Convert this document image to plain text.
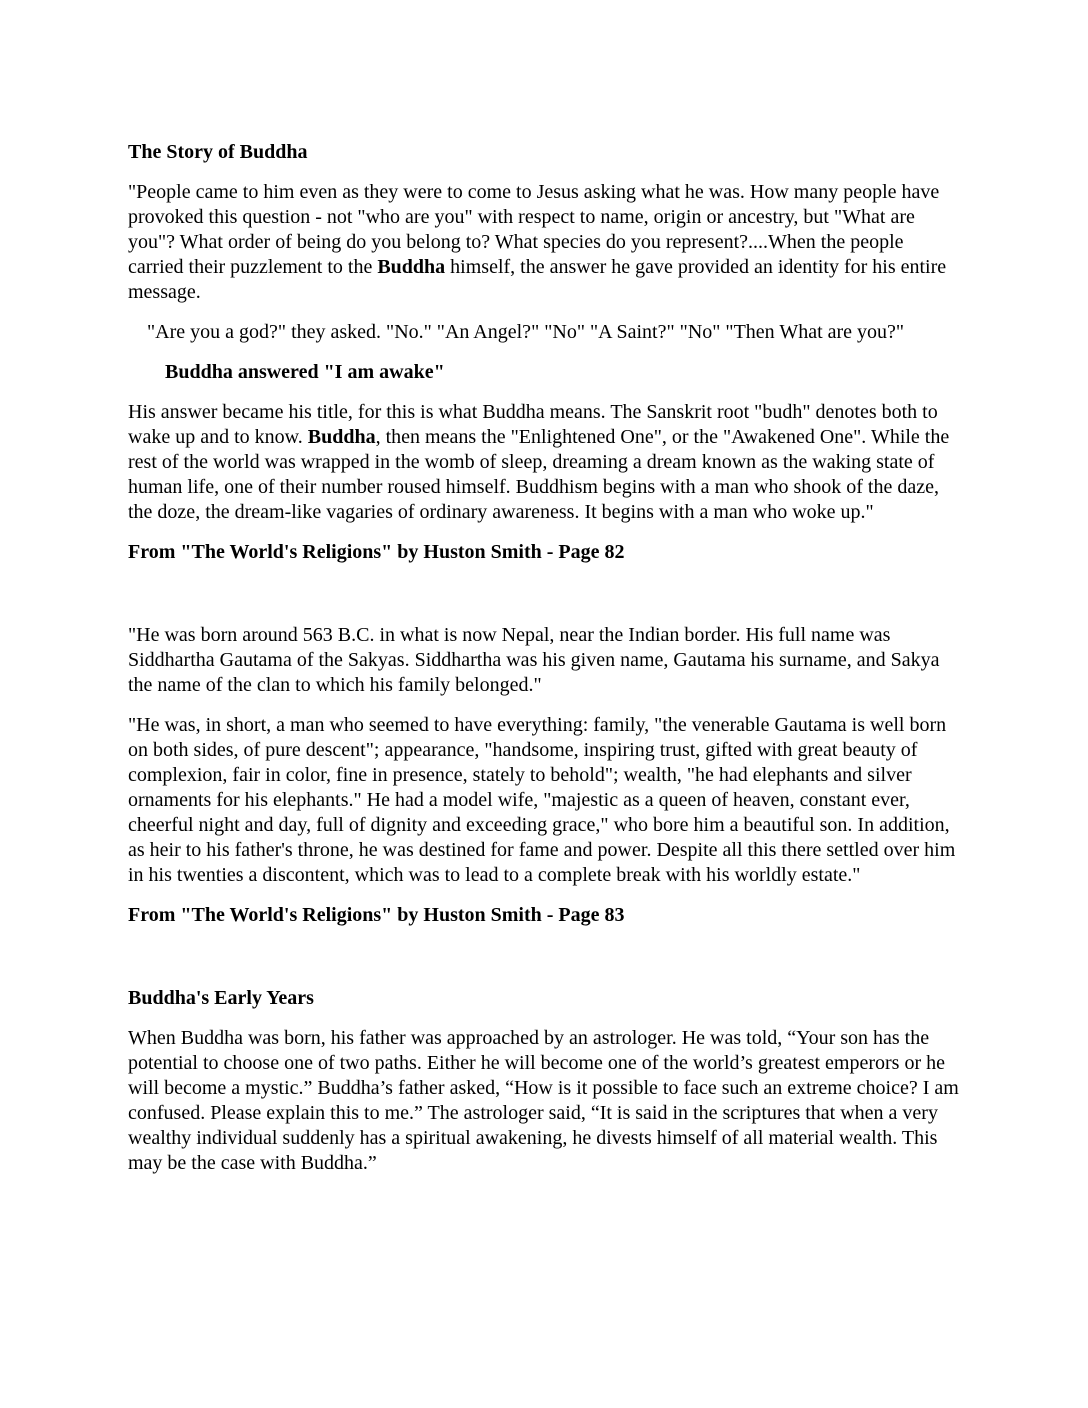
The Story of Buddha
"People came to him even as they were to come to Jesus asking what he was. How many people have provoked this question - not "who are you" with respect to name, origin or ancestry, but "What are you"? What order of being do you belong to? What species do you represent?....When the people carried their puzzlement to the Buddha himself, the answer he gave provided an identity for his entire message.
"Are you a god?" they asked. "No." "An Angel?" "No" "A Saint?" "No" "Then What are you?"
Buddha answered "I am awake"
His answer became his title, for this is what Buddha means. The Sanskrit root "budh" denotes both to wake up and to know. Buddha, then means the "Enlightened One", or the "Awakened One". While the rest of the world was wrapped in the womb of sleep, dreaming a dream known as the waking state of human life, one of their number roused himself. Buddhism begins with a man who shook of the daze, the doze, the dream-like vagaries of ordinary awareness. It begins with a man who woke up."
From "The World's Religions" by Huston Smith - Page 82
"He was born around 563 B.C. in what is now Nepal, near the Indian border. His full name was Siddhartha Gautama of the Sakyas. Siddhartha was his given name, Gautama his surname, and Sakya the name of the clan to which his family belonged."
"He was, in short, a man who seemed to have everything: family, "the venerable Gautama is well born on both sides, of pure descent"; appearance, "handsome, inspiring trust, gifted with great beauty of complexion, fair in color, fine in presence, stately to behold"; wealth, "he had elephants and silver ornaments for his elephants." He had a model wife, "majestic as a queen of heaven, constant ever, cheerful night and day, full of dignity and exceeding grace," who bore him a beautiful son. In addition, as heir to his father's throne, he was destined for fame and power. Despite all this there settled over him in his twenties a discontent, which was to lead to a complete break with his worldly estate."
From "The World's Religions" by Huston Smith - Page 83
Buddha's Early Years
When Buddha was born, his father was approached by an astrologer. He was told, “Your son has the potential to choose one of two paths. Either he will become one of the world’s greatest emperors or he will become a mystic.” Buddha’s father asked, “How is it possible to face such an extreme choice? I am confused. Please explain this to me.” The astrologer said, “It is said in the scriptures that when a very wealthy individual suddenly has a spiritual awakening, he divests himself of all material wealth. This may be the case with Buddha.”
